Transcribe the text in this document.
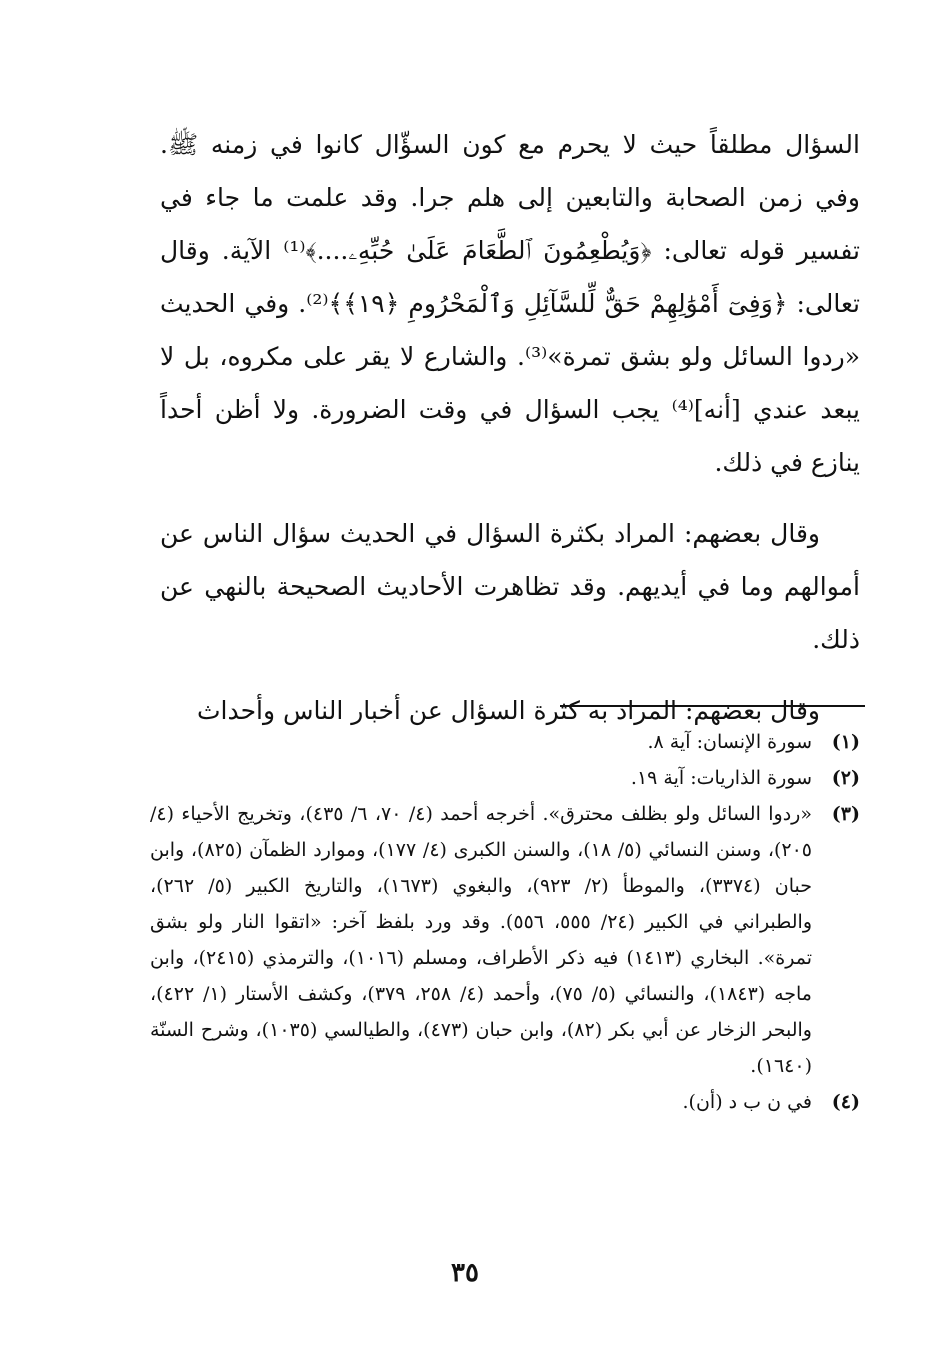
السؤال مطلقاً حيث لا يحرم مع كون السؤّال كانوا في زمنه ﷺ. وفي زمن الصحابة والتابعين إلى هلم جرا. وقد علمت ما جاء في تفسير قوله تعالى: ﴿وَيُطْعِمُونَ ٱلطَّعَامَ عَلَىٰ حُبِّهِۦ....﴾⁽¹⁾ الآية. وقال تعالى: ﴿وَفِىٓ أَمْوَٰلِهِمْ حَقٌّ لِّلسَّآئِلِ وَٱلْمَحْرُومِ ﴿١٩﴾﴾⁽²⁾. وفي الحديث «ردوا السائل ولو بشق تمرة»⁽³⁾. والشارع لا يقر على مكروه، بل لا يبعد عندي [أنه]⁽⁴⁾ يجب السؤال في وقت الضرورة. ولا أظن أحداً ينازع في ذلك.

وقال بعضهم: المراد بكثرة السؤال في الحديث سؤال الناس عن أموالهم وما في أيديهم. وقد تظاهرت الأحاديث الصحيحة بالنهي عن ذلك.

وقال بعضهم: المراد به كثرة السؤال عن أخبار الناس وأحداث

(١)
سورة الإنسان: آية ٨.
(٢)
سورة الذاريات: آية ١٩.
(٣)
«ردوا السائل ولو بظلف محترق». أخرجه أحمد (٤/ ٧٠، ٦/ ٤٣٥)، وتخريج الأحياء (٤/ ٢٠٥)، وسنن النسائي (٥/ ١٨)، والسنن الكبرى (٤/ ١٧٧)، وموارد الظمآن (٨٢٥)، وابن حبان (٣٣٧٤)، والموطأ (٢/ ٩٢٣)، والبغوي (١٦٧٣)، والتاريخ الكبير (٥/ ٢٦٢)، والطبراني في الكبير (٢٤/ ٥٥٥، ٥٥٦). وقد ورد بلفظ آخر: «اتقوا النار ولو بشق تمرة». البخاري (١٤١٣) فيه ذكر الأطراف، ومسلم (١٠١٦)، والترمذي (٢٤١٥)، وابن ماجه (١٨٤٣)، والنسائي (٥/ ٧٥)، وأحمد (٤/ ٢٥٨، ٣٧٩)، وكشف الأستار (١/ ٤٢٢)، والبحر الزخار عن أبي بكر (٨٢)، وابن حبان (٤٧٣)، والطيالسي (١٠٣٥)، وشرح السنّة (١٦٤٠).
(٤)
في ن ب د (أن).
٣٥
